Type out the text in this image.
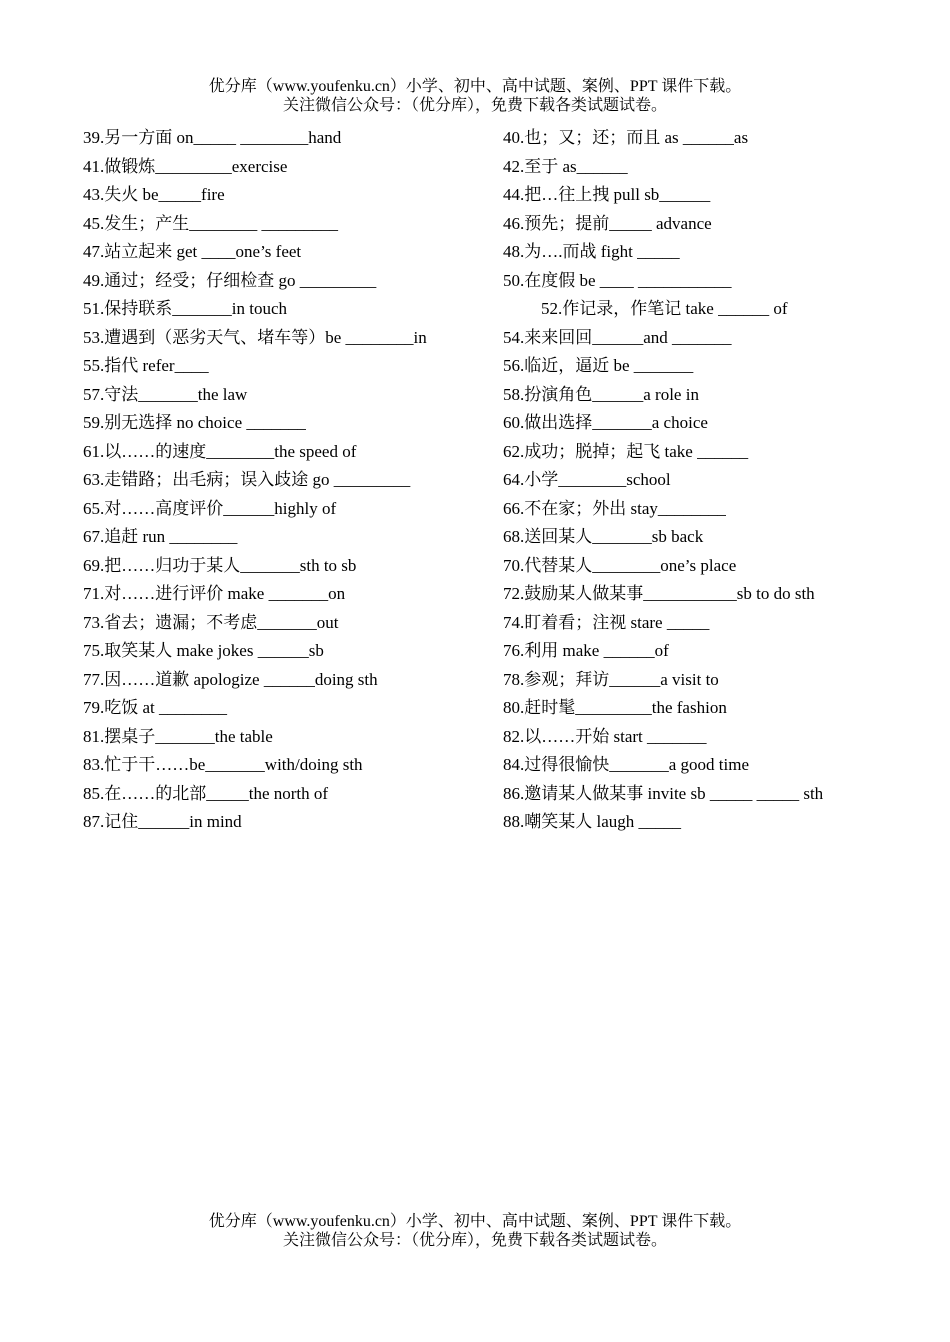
优分库（www.youfenku.cn）小学、初中、高中试题、案例、PPT 课件下载。
关注微信公众号：（优分库），免费下载各类试题试卷。
39.另一方面 on_____ ________hand	40.也；又；还；而且 as ______as
41.做锻炼_________exercise	42.至于 as______
43.失火 be_____fire	44.把…往上拽 pull sb______
45.发生；产生________ _________	46.预先；提前_____ advance
47.站立起来 get ____one’s feet	48.为….而战 fight _____
49.通过；经受；仔细检查 go _________	50.在度假 be ____ ___________
51.保持联系_______in touch	52.作记录，作笔记 take ______ of
53.遭遇到（恶劣天气、堵车等）be ________in	54.来来回回______and _______
55.指代 refer____	56.临近，逼近 be _______
57.守法_______the law	58.扮演角色______a role in
59.别无选择 no choice _______	60.做出选择_______a choice
61.以……的速度________the speed of	62.成功；脱掉；起飞 take ______
63.走错路；出毛病；误入歧途 go _________	64.小学________school
65.对……高度评价______highly of	66.不在家；外出 stay________
67.追赶 run ________	68.送回某人_______sb back
69.把……归功于某人_______sth to sb	70.代替某人________one’s place
71.对……进行评价 make _______on	72.鼓励某人做某事___________sb to do sth
73.省去；遗漏；不考虑_______out	74.盯着看；注视 stare _____
75.取笑某人 make jokes ______sb	76.利用 make ______of
77.因……道歉 apologize ______doing sth	78.参观；拜访______a visit to
79.吃饭 at ________	80.赶时髦_________the fashion
81.摆桌子_______the table	82.以……开始 start _______
83.忙于干……be_______with/doing sth	84.过得很愉快_______a good time
85.在……的北部_____the north of	86.邀请某人做某事 invite sb _____ _____ sth
87.记住______in mind	88.嘲笑某人 laugh _____
优分库（www.youfenku.cn）小学、初中、高中试题、案例、PPT 课件下载。
关注微信公众号：（优分库），免费下载各类试题试卷。
